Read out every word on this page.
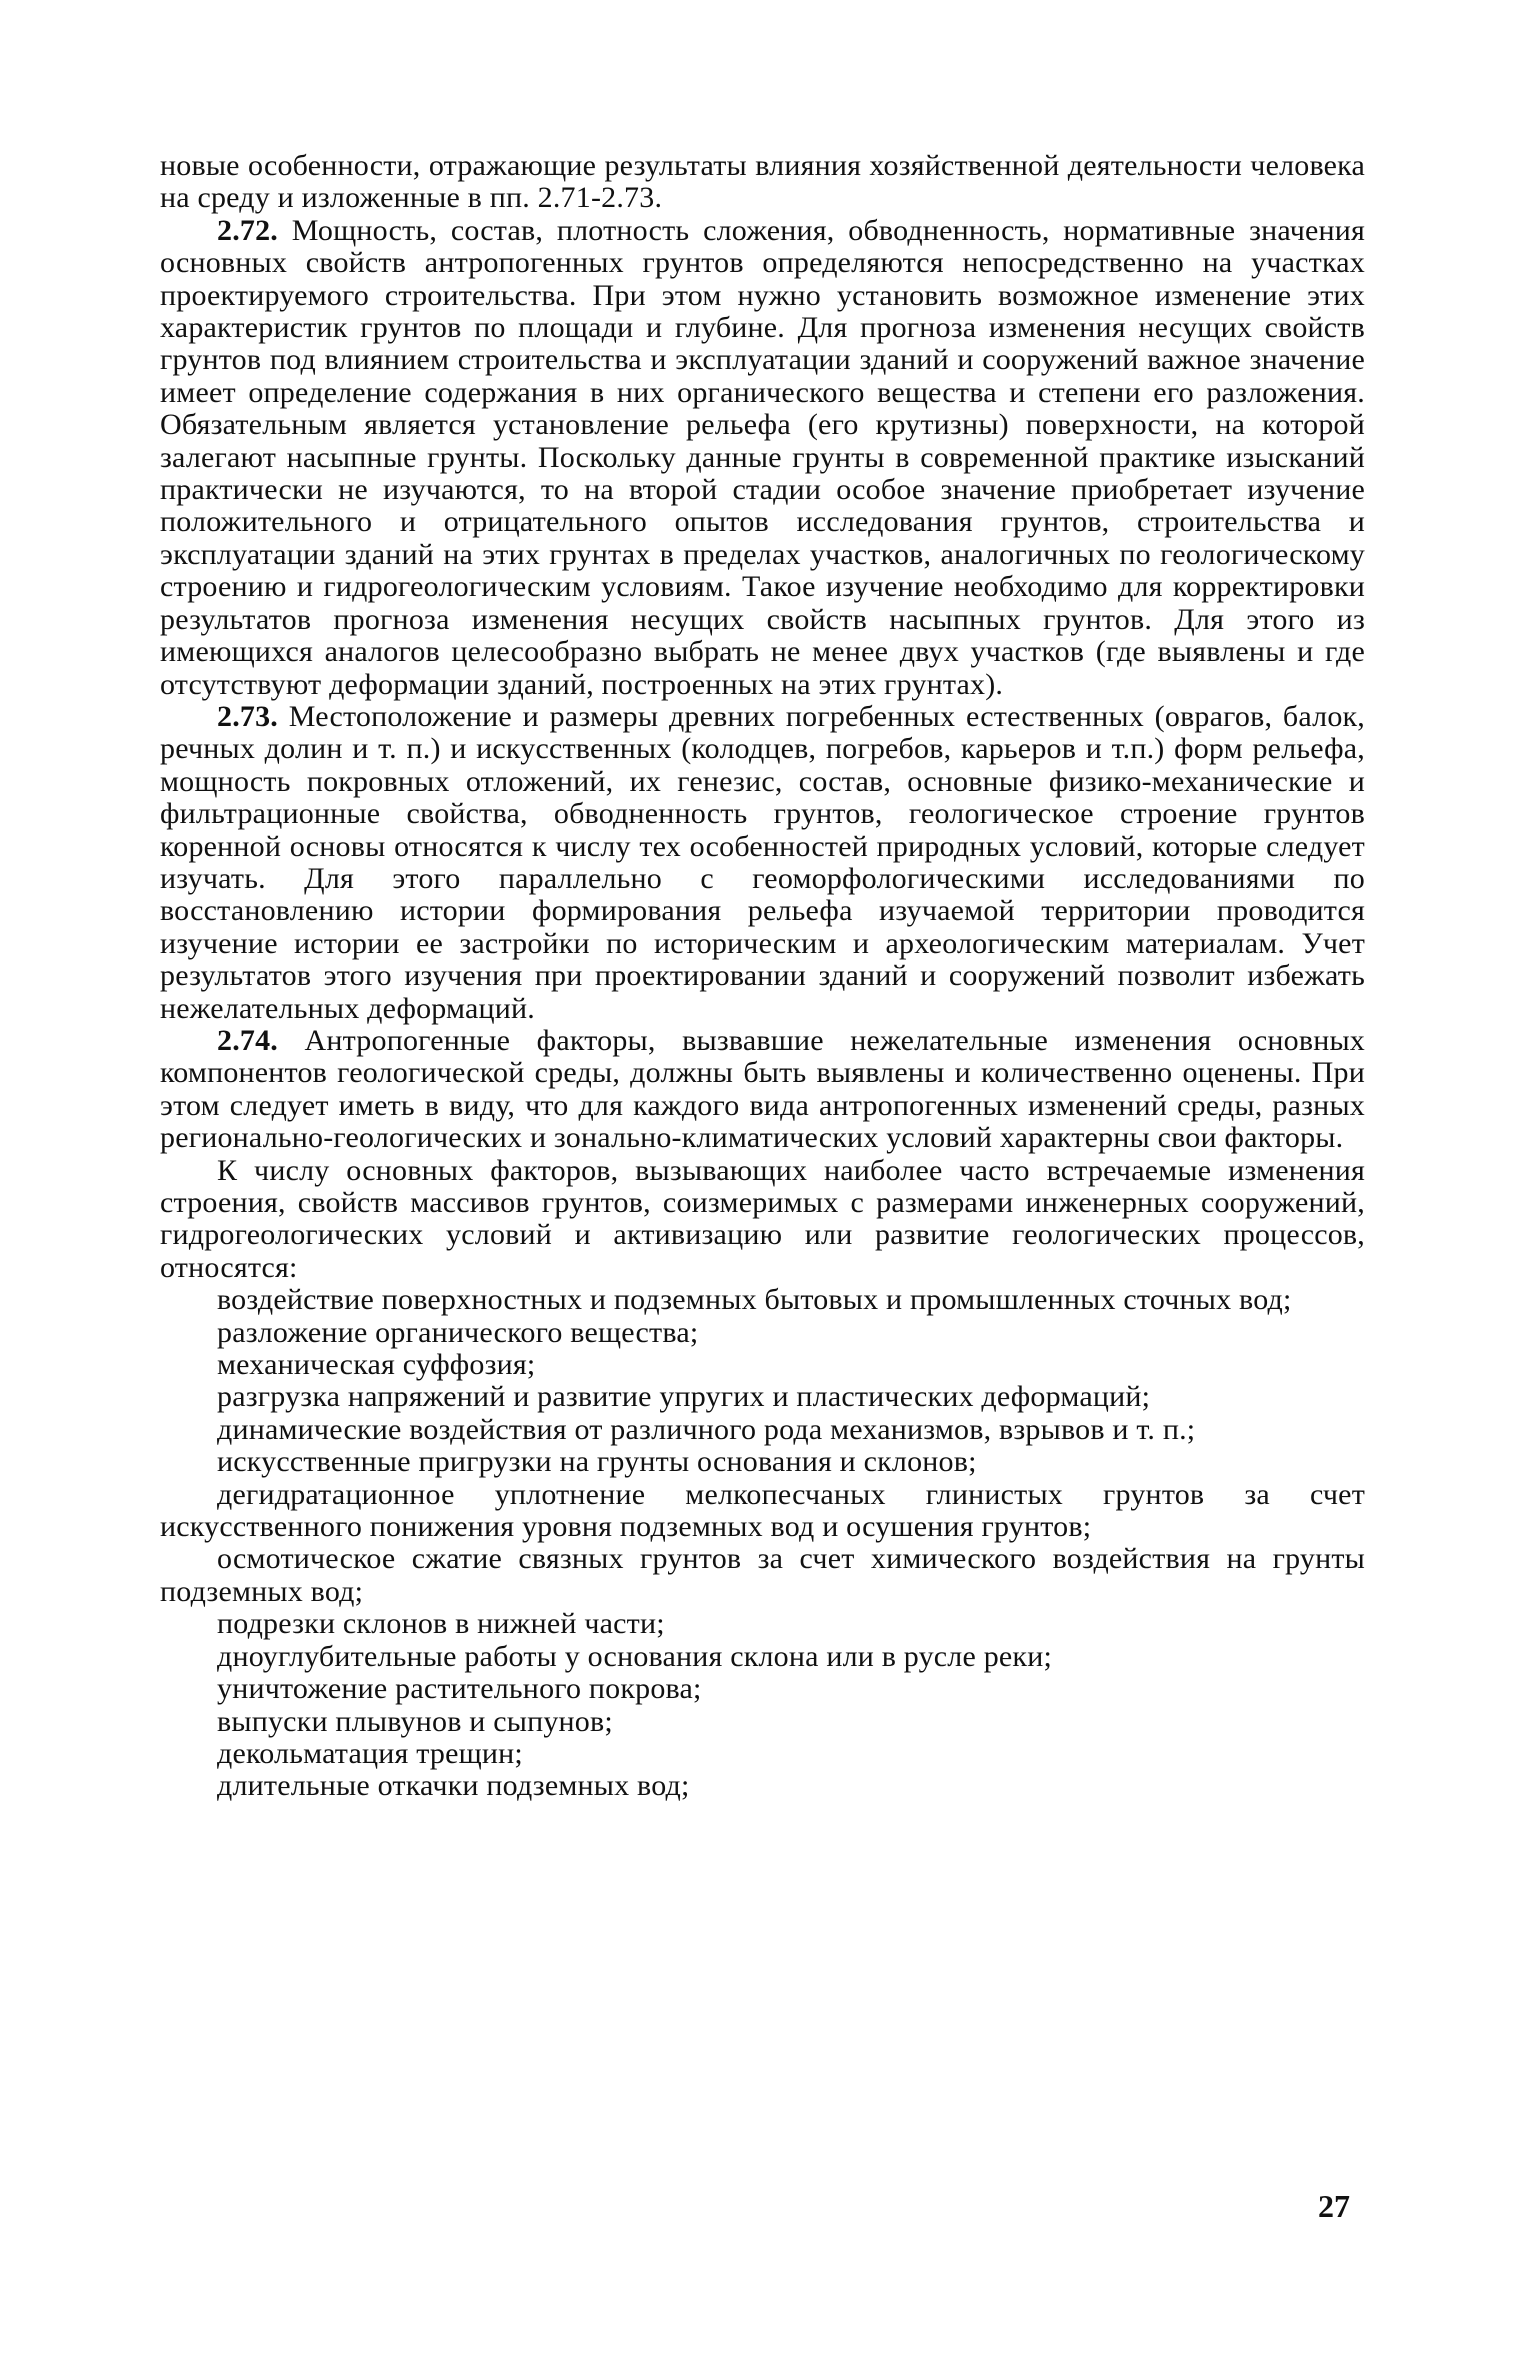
новые особенности, отражающие результаты влияния хозяйственной деятельности человека на среду и изложенные в пп. 2.71-2.73.

2.72. Мощность, состав, плотность сложения, обводненность, нормативные значения основных свойств антропогенных грунтов определяются непосредственно на участках проектируемого строительства. При этом нужно установить возможное изменение этих характеристик грунтов по площади и глубине. Для прогноза изменения несущих свойств грунтов под влиянием строительства и эксплуатации зданий и сооружений важное значение имеет определение содержания в них органического вещества и степени его разложения. Обязательным является установление рельефа (его крутизны) поверхности, на которой залегают насыпные грунты. Поскольку данные грунты в современной практике изысканий практически не изучаются, то на второй стадии особое значение приобретает изучение положительного и отрицательного опытов исследования грунтов, строительства и эксплуатации зданий на этих грунтах в пределах участков, аналогичных по геологическому строению и гидрогеологическим условиям. Такое изучение необходимо для корректировки результатов прогноза изменения несущих свойств насыпных грунтов. Для этого из имеющихся аналогов целесообразно выбрать не менее двух участков (где выявлены и где отсутствуют деформации зданий, построенных на этих грунтах).

2.73. Местоположение и размеры древних погребенных естественных (оврагов, балок, речных долин и т. п.) и искусственных (колодцев, погребов, карьеров и т.п.) форм рельефа, мощность покровных отложений, их генезис, состав, основные физико-механические и фильтрационные свойства, обводненность грунтов, геологическое строение грунтов коренной основы относятся к числу тех особенностей природных условий, которые следует изучать. Для этого параллельно с геоморфологическими исследованиями по восстановлению истории формирования рельефа изучаемой территории проводится изучение истории ее застройки по историческим и археологическим материалам. Учет результатов этого изучения при проектировании зданий и сооружений позволит избежать нежелательных деформаций.

2.74. Антропогенные факторы, вызвавшие нежелательные изменения основных компонентов геологической среды, должны быть выявлены и количественно оценены. При этом следует иметь в виду, что для каждого вида антропогенных изменений среды, разных регионально-геологических и зонально-климатических условий характерны свои факторы.

К числу основных факторов, вызывающих наиболее часто встречаемые изменения строения, свойств массивов грунтов, соизмеримых с размерами инженерных сооружений, гидрогеологических условий и активизацию или развитие геологических процессов, относятся:

воздействие поверхностных и подземных бытовых и промышленных сточных вод;

разложение органического вещества;

механическая суффозия;

разгрузка напряжений и развитие упругих и пластических деформаций;

динамические воздействия от различного рода механизмов, взрывов и т. п.;

искусственные пригрузки на грунты основания и склонов;

дегидратационное уплотнение мелкопесчаных глинистых грунтов за счет искусственного понижения уровня подземных вод и осушения грунтов;

осмотическое сжатие связных грунтов за счет химического воздействия на грунты подземных вод;

подрезки склонов в нижней части;

дноуглубительные работы у основания склона или в русле реки;

уничтожение растительного покрова;

выпуски плывунов и сыпунов;

декольматация трещин;

длительные откачки подземных вод;

27
